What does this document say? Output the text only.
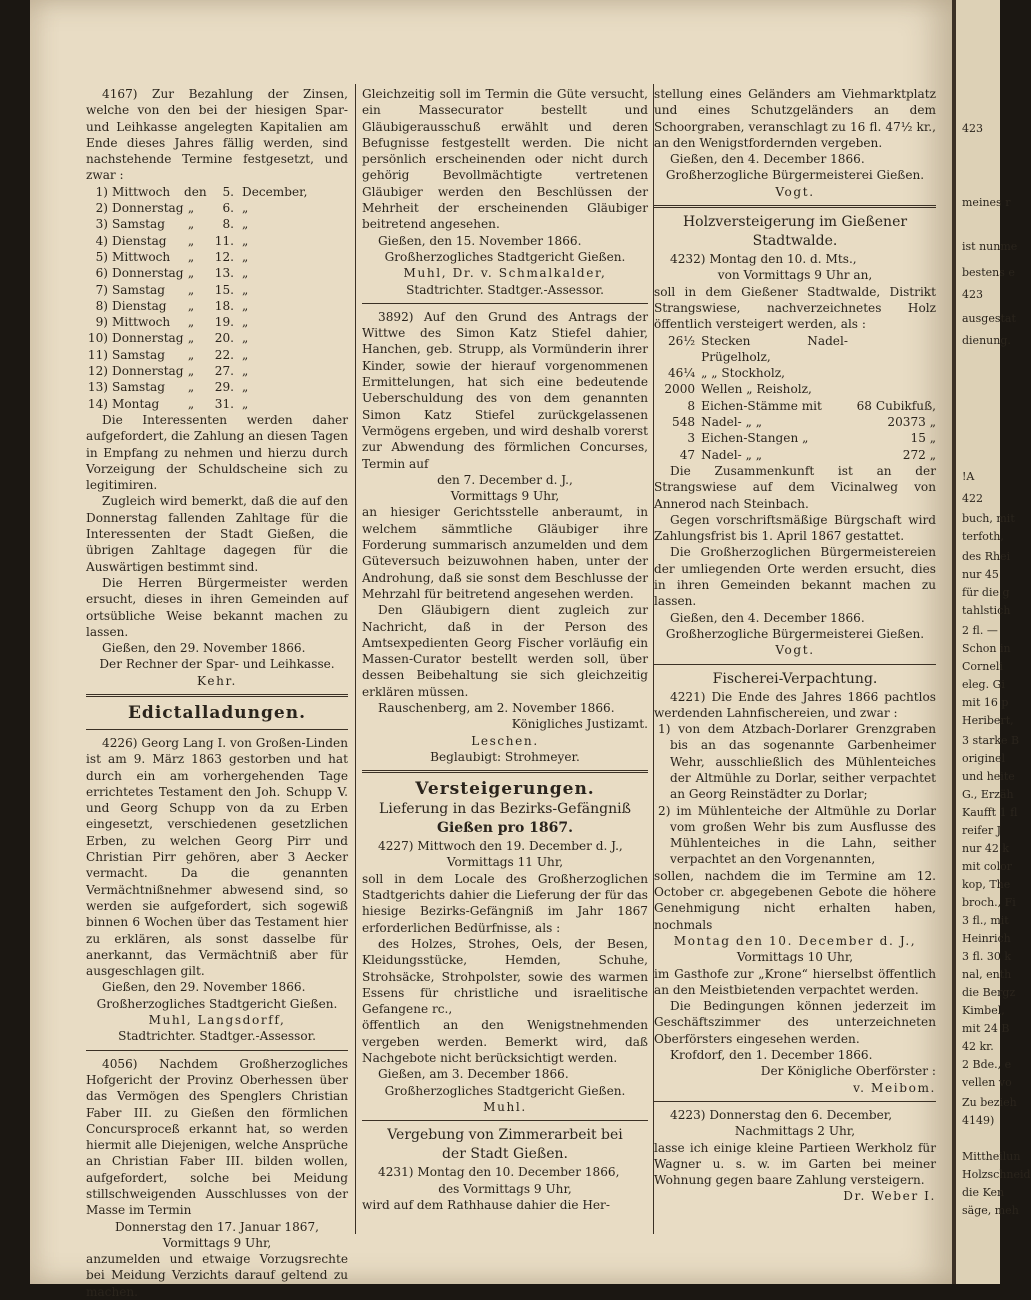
4167) Zur Bezahlung der Zinsen, welche von den bei der hiesigen Spar- und Leihkasse angelegten Kapitalien am Ende dieses Jahres fällig werden, sind nachstehende Termine festgesetzt, und zwar :

1) Mittwoch	den	5. December,
2) Donnerstag „	6. „
3) Samstag	„	8. „
4) Dienstag	„	11. „
5) Mittwoch	„	12. „
6) Donnerstag „	13. „
7) Samstag	„	15. „
8) Dienstag	„	18. „
9) Mittwoch	„	19. „
10) Donnerstag „	20. „
11) Samstag	„	22. „
12) Donnerstag „	27. „
13) Samstag	„	29. „
14) Montag	„	31. „

Die Interessenten werden daher aufgefordert, die Zahlung an diesen Tagen in Empfang zu nehmen und hierzu durch Vorzeigung der Schuldscheine sich zu legitimiren.

Zugleich wird bemerkt, daß die auf den Donnerstag fallenden Zahltage für die Interessenten der Stadt Gießen, die übrigen Zahltage dagegen für die Auswärtigen bestimmt sind.

Die Herren Bürgermeister werden ersucht, dieses in ihren Gemeinden auf ortsübliche Weise bekannt machen zu lassen.

Gießen, den 29. November 1866.

Der Rechner der Spar- und Leihkasse.

Kehr.

Edictalladungen.

4226) Georg Lang I. von Großen-Linden ist am 9. März 1863 gestorben und hat durch ein am vorhergehenden Tage errichtetes Testament den Joh. Schupp V. und Georg Schupp von da zu Erben eingesetzt, verschiedenen gesetzlichen Erben, zu welchen Georg Pirr und Christian Pirr gehören, aber 3 Aecker vermacht. Da die genannten Vermächtnißnehmer abwesend sind, so werden sie aufgefordert, sich sogewiß binnen 6 Wochen über das Testament hier zu erklären, als sonst dasselbe für anerkannt, das Vermächtniß aber für ausgeschlagen gilt.

Gießen, den 29. November 1866.

Großherzogliches Stadtgericht Gießen.

Muhl, Langsdorff,

Stadtrichter. Stadtger.-Assessor.

4056) Nachdem Großherzogliches Hofgericht der Provinz Oberhessen über das Vermögen des Spenglers Christian Faber III. zu Gießen den förmlichen Concursproceß erkannt hat, so werden hiermit alle Diejenigen, welche Ansprüche an Christian Faber III. bilden wollen, aufgefordert, solche bei Meidung stillschweigenden Ausschlusses von der Masse im Termin

Donnerstag den 17. Januar 1867,

Vormittags 9 Uhr,

anzumelden und etwaige Vorzugsrechte bei Meidung Verzichts darauf geltend zu machen.

Gleichzeitig soll im Termin die Güte versucht, ein Massecurator bestellt und Gläubigerausschuß erwählt und deren Befugnisse festgestellt werden. Die nicht persönlich erscheinenden oder nicht durch gehörig Bevollmächtigte vertretenen Gläubiger werden den Beschlüssen der Mehrheit der erscheinenden Gläubiger beitretend angesehen.

Gießen, den 15. November 1866.

Großherzogliches Stadtgericht Gießen.

Muhl, Dr. v. Schmalkalder,

Stadtrichter. Stadtger.-Assessor.

3892) Auf den Grund des Antrags der Wittwe des Simon Katz Stiefel dahier, Hanchen, geb. Strupp, als Vormünderin ihrer Kinder, sowie der hierauf vorgenommenen Ermittelungen, hat sich eine bedeutende Ueberschuldung des von dem genannten Simon Katz Stiefel zurückgelassenen Vermögens ergeben, und wird deshalb vorerst zur Abwendung des förmlichen Concurses, Termin auf

den 7. December d. J.,

Vormittags 9 Uhr,

an hiesiger Gerichtsstelle anberaumt, in welchem sämmtliche Gläubiger ihre Forderung summarisch anzumelden und dem Güteversuch beizuwohnen haben, unter der Androhung, daß sie sonst dem Beschlusse der Mehrzahl für beitretend angesehen werden.

Den Gläubigern dient zugleich zur Nachricht, daß in der Person des Amtsexpedienten Georg Fischer vorläufig ein Massen-Curator bestellt werden soll, über dessen Beibehaltung sie sich gleichzeitig erklären müssen.

Rauschenberg, am 2. November 1866.

Königliches Justizamt.

Leschen.

Beglaubigt: Strohmeyer.

Versteigerungen.

Lieferung in das Bezirks-Gefängniß

Gießen pro 1867.

4227) Mittwoch den 19. December d. J.,

Vormittags 11 Uhr,

soll in dem Locale des Großherzoglichen Stadtgerichts dahier die Lieferung der für das hiesige Bezirks-Gefängniß im Jahr 1867 erforderlichen Bedürfnisse, als :

des Holzes, Strohes, Oels, der Besen, Kleidungsstücke, Hemden, Schuhe, Strohsäcke, Strohpolster, sowie des warmen Essens für christliche und israelitische Gefangene rc.,

öffentlich an den Wenigstnehmenden vergeben werden. Bemerkt wird, daß Nachgebote nicht berücksichtigt werden.

Gießen, am 3. December 1866.

Großherzogliches Stadtgericht Gießen.

Muhl.

Vergebung von Zimmerarbeit bei

der Stadt Gießen.

4231) Montag den 10. December 1866,

des Vormittags 9 Uhr,

wird auf dem Rathhause dahier die Her-

stellung eines Geländers am Viehmarktplatz und eines Schutzgeländers an dem Schoorgraben, veranschlagt zu 16 fl. 47½ kr., an den Wenigstfordernden vergeben.

Gießen, den 4. December 1866.

Großherzogliche Bürgermeisterei Gießen.

Vogt.

Holzversteigerung im Gießener

Stadtwalde.

4232) Montag den 10. d. Mts.,

von Vormittags 9 Uhr an,

soll in dem Gießener Stadtwalde, Distrikt Strangswiese, nachverzeichnetes Holz öffentlich versteigert werden, als :

26½ Stecken Nadel-Prügelholz,
46¼ „ „ Stockholz,
2000 Wellen „ Reisholz,
8 Eichen-Stämme mit	68 Cubikfuß,
548 Nadel- „ „	20373 „
3 Eichen-Stangen „	15 „
47 Nadel- „ „	272 „

Die Zusammenkunft ist an der Strangswiese auf dem Vicinalweg von Annerod nach Steinbach.

Gegen vorschriftsmäßige Bürgschaft wird Zahlungsfrist bis 1. April 1867 gestattet.

Die Großherzoglichen Bürgermeistereien der umliegenden Orte werden ersucht, dies in ihren Gemeinden bekannt machen zu lassen.

Gießen, den 4. December 1866.

Großherzogliche Bürgermeisterei Gießen.

Vogt.

Fischerei-Verpachtung.

4221) Die Ende des Jahres 1866 pachtlos werdenden Lahnfischereien, und zwar :

1) von dem Atzbach-Dorlarer Grenzgraben bis an das sogenannte Garbenheimer Wehr, ausschließlich des Mühlenteiches der Altmühle zu Dorlar, seither verpachtet an Georg Reinstädter zu Dorlar;

2) im Mühlenteiche der Altmühle zu Dorlar vom großen Wehr bis zum Ausflusse des Mühlenteiches in die Lahn, seither verpachtet an den Vorgenannten,

sollen, nachdem die im Termine am 12. October cr. abgegebenen Gebote die höhere Genehmigung nicht erhalten haben, nochmals

Montag den 10. December d. J.,

Vormittags 10 Uhr,

im Gasthofe zur „Krone“ hierselbst öffentlich an den Meistbietenden verpachtet werden.

Die Bedingungen können jederzeit im Geschäftszimmer des unterzeichneten Oberförsters eingesehen werden.

Krofdorf, den 1. December 1866.

Der Königliche Oberförster :

v. Meibom.

4223) Donnerstag den 6. December,

Nachmittags 2 Uhr,

lasse ich einige kleine Partieen Werkholz für Wagner u. s. w. im Garten bei meiner Wohnung gegen baare Zahlung versteigern.

Dr. Weber I.

423
meines r
ist nunme
bestens e
423
ausgestat
dienung.
!A
422
buch, mit
terfoth,
des Rhei
nur 45
für die g
tahlstich
2 fl. —
Schon in
Corneli
eleg. Gi
mit 16 p
Heribert,
3 starke B
originel
und heite
G., Erzäh
Kaufft 1 fl
reifer J
nur 42 k
mit color
kop, The
broch., Fi
3 fl., mit
Heinrich
3 fl. 30 k
nal, enth
die Bergz
Kimbel,
mit 24 B
42 kr.
2 Bde., e
vellen vo
Zu bezieh
4149)
Mittheilun
Holzschneid
die Ken
säge, meh
